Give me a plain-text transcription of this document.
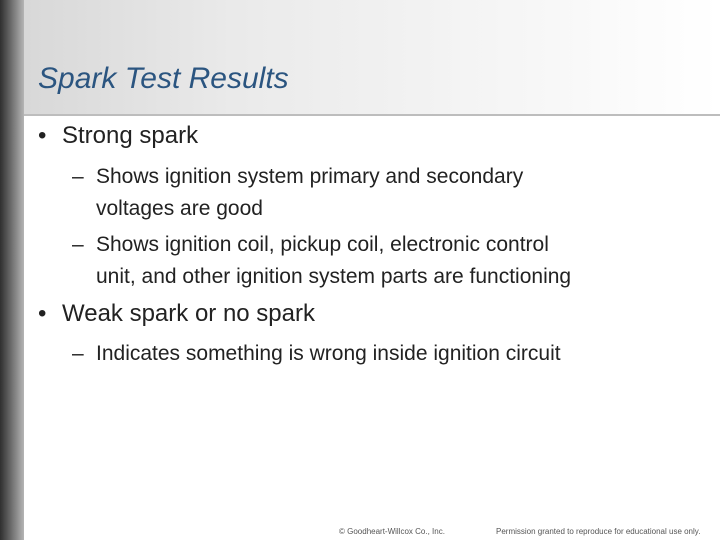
Spark Test Results
• Strong spark
– Shows ignition system primary and secondary
voltages are good
– Shows ignition coil, pickup coil, electronic control
unit, and other ignition system parts are functioning
• Weak spark or no spark
– Indicates something is wrong inside ignition circuit
© Goodheart-Willcox Co., Inc.	Permission granted to reproduce for educational use only.
